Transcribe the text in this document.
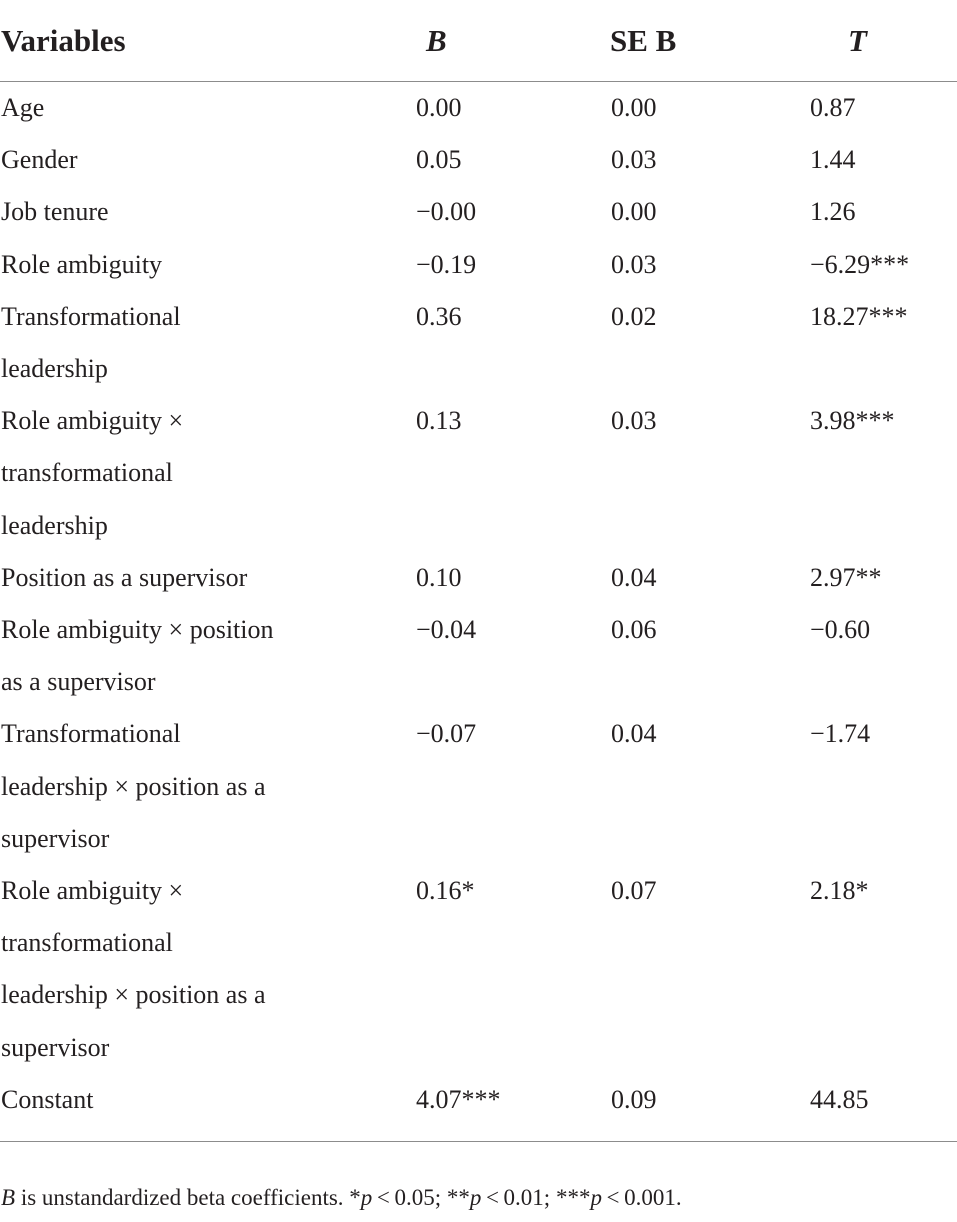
Variables	B	SE B	T

Age	0.00	0.00	0.87

Gender	0.05	0.03	1.44

Job tenure	−0.00	0.00	1.26

Role ambiguity	−0.19	0.03	−6.29***

Transformational
leadership	0.36	0.02	18.27***

Role ambiguity ×
transformational
leadership	0.13	0.03	3.98***

Position as a supervisor	0.10	0.04	2.97**

Role ambiguity × position
as a supervisor	−0.04	0.06	−0.60

Transformational
leadership × position as a
supervisor	−0.07	0.04	−1.74

Role ambiguity ×
transformational
leadership × position as a
supervisor	0.16*	0.07	2.18*

Constant	4.07***	0.09	44.85
B is unstandardized beta coefficients. *p < 0.05; **p < 0.01; ***p < 0.001.
